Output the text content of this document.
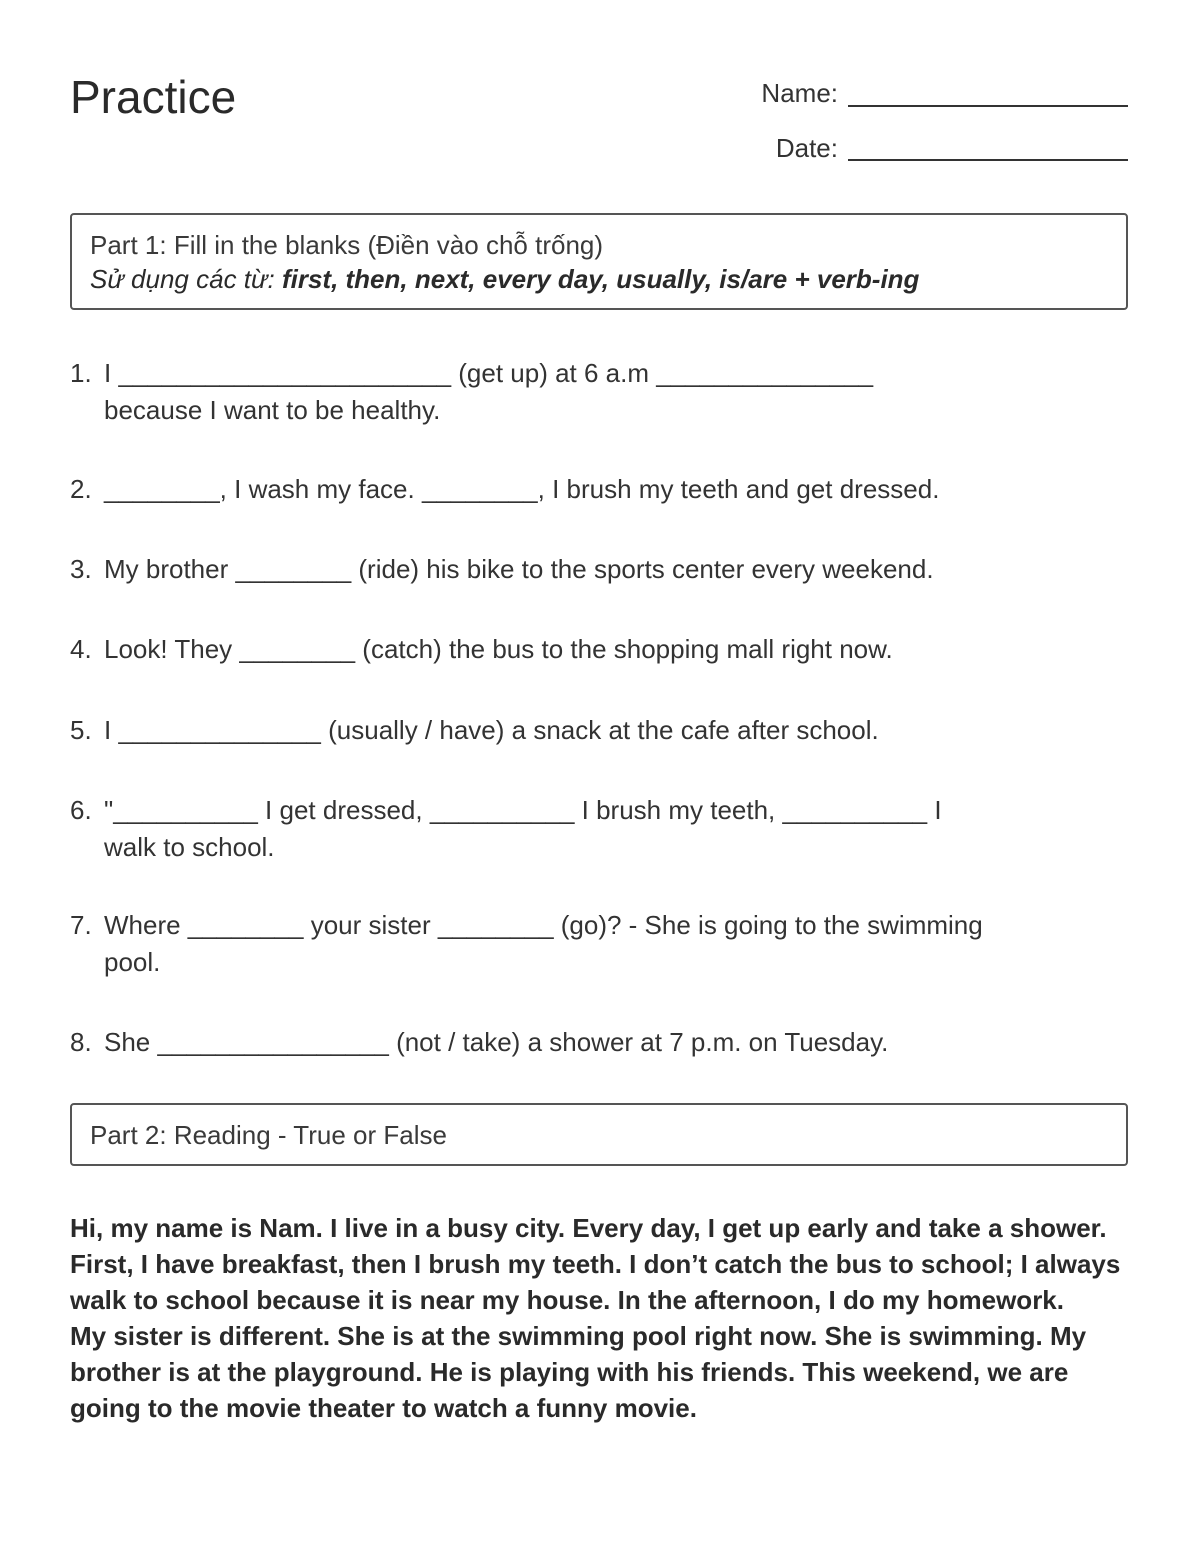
Practice	Name:
Date:
Part 1: Fill in the blanks (Điền vào chỗ trống)
Sử dụng các từ: first, then, next, every day, usually, is/are + verb-ing
1. I _______________________ (get up) at 6 a.m _______________
because I want to be healthy.
2. ________, I wash my face. ________, I brush my teeth and get dressed.
3. My brother ________ (ride) his bike to the sports center every weekend.
4. Look! They ________ (catch) the bus to the shopping mall right now.
5. I ______________ (usually / have) a snack at the cafe after school.
6. "__________ I get dressed, __________ I brush my teeth, __________ I
walk to school.
7. Where ________ your sister ________ (go)? - She is going to the swimming
pool.
8. She ________________ (not / take) a shower at 7 p.m. on Tuesday.
Part 2: Reading - True or False

Hi, my name is Nam. I live in a busy city. Every day, I get up early and take a shower. First, I have breakfast, then I brush my teeth. I don’t catch the bus to school; I always walk to school because it is near my house. In the afternoon, I do my homework.

My sister is different. She is at the swimming pool right now. She is swimming. My brother is at the playground. He is playing with his friends. This weekend, we are going to the movie theater to watch a funny movie.
